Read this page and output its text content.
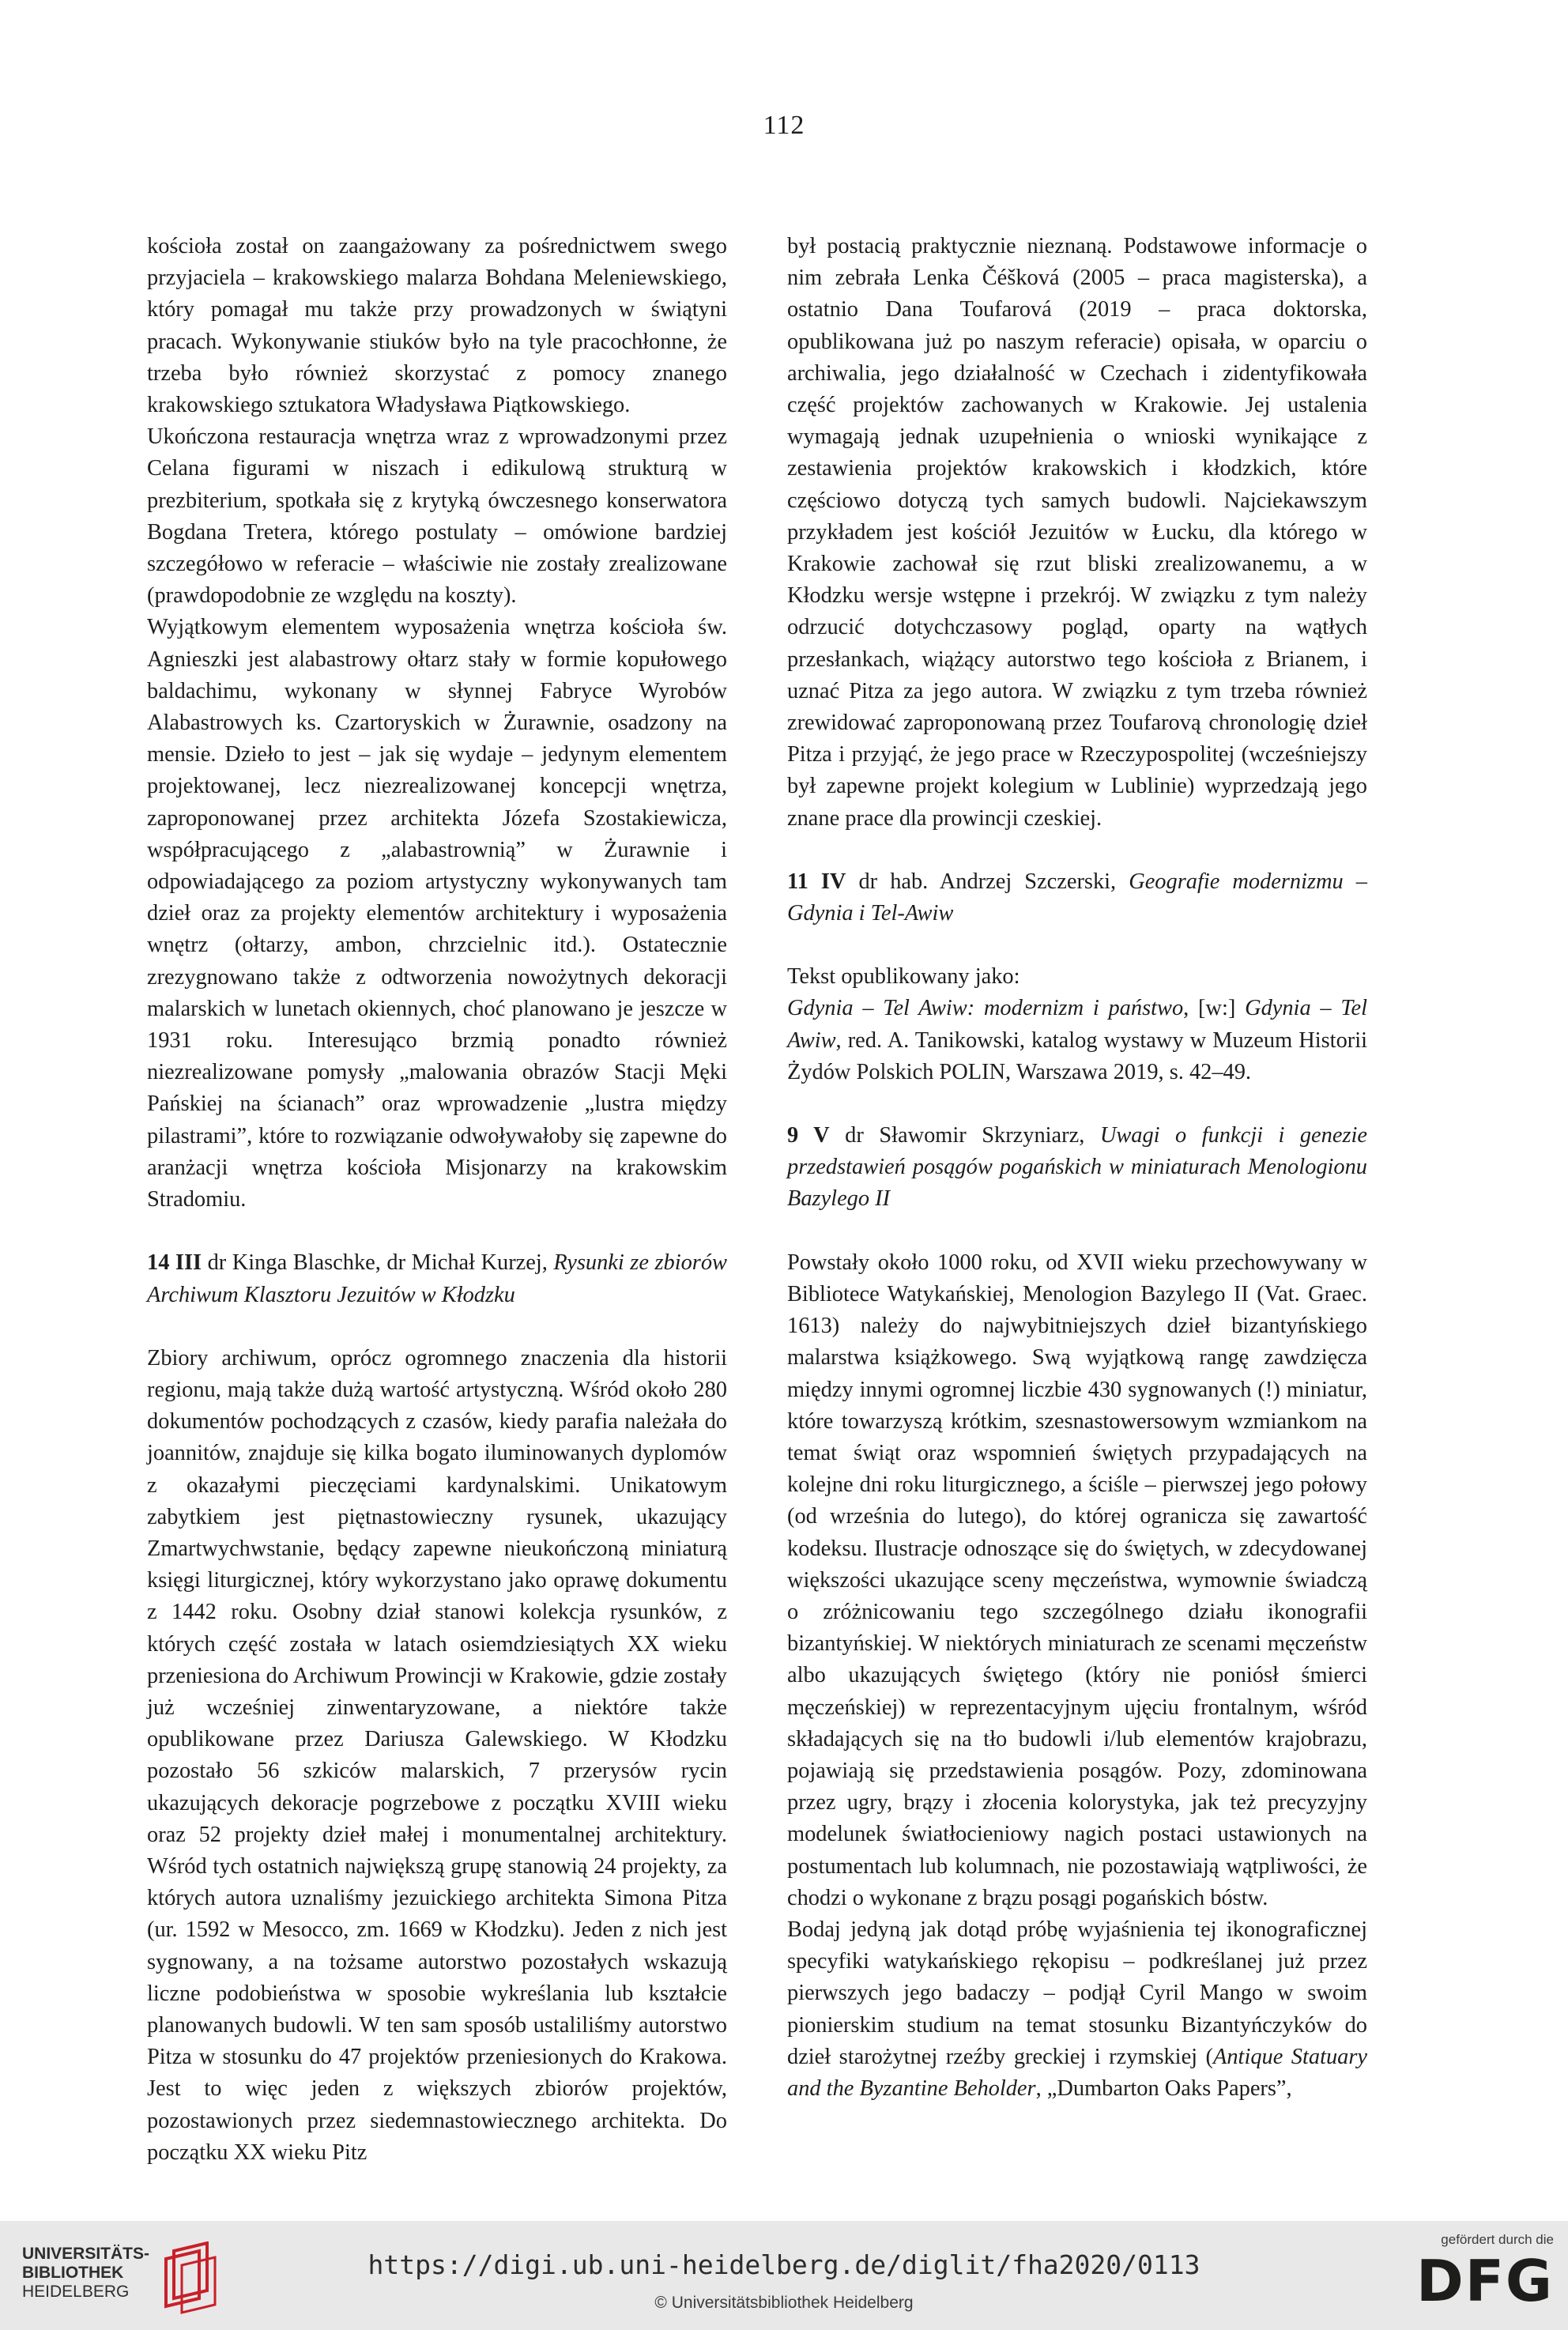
112

kościoła został on zaangażowany za pośrednictwem swego przyjaciela – krakowskiego malarza Bohdana Meleniewskiego, który pomagał mu także przy prowadzonych w świątyni pracach. Wykonywanie stiuków było na tyle pracochłonne, że trzeba było również skorzystać z pomocy znanego krakowskiego sztukatora Władysława Piątkowskiego.

Ukończona restauracja wnętrza wraz z wprowadzonymi przez Celana figurami w niszach i edikulową strukturą w prezbiterium, spotkała się z krytyką ówczesnego konserwatora Bogdana Tretera, którego postulaty – omówione bardziej szczegółowo w referacie – właściwie nie zostały zrealizowane (prawdopodobnie ze względu na koszty).

Wyjątkowym elementem wyposażenia wnętrza kościoła św. Agnieszki jest alabastrowy ołtarz stały w formie kopułowego baldachimu, wykonany w słynnej Fabryce Wyrobów Alabastrowych ks. Czartoryskich w Żurawnie, osadzony na mensie. Dzieło to jest – jak się wydaje – jedynym elementem projektowanej, lecz niezrealizowanej koncepcji wnętrza, zaproponowanej przez architekta Józefa Szostakiewicza, współpracującego z „alabastrownią” w Żurawnie i odpowiadającego za poziom artystyczny wykonywanych tam dzieł oraz za projekty elementów architektury i wyposażenia wnętrz (ołtarzy, ambon, chrzcielnic itd.). Ostatecznie zrezygnowano także z odtworzenia nowożytnych dekoracji malarskich w lunetach okiennych, choć planowano je jeszcze w 1931 roku. Interesująco brzmią ponadto również niezrealizowane pomysły „malowania obrazów Stacji Męki Pańskiej na ścianach” oraz wprowadzenie „lustra między pilastrami”, które to rozwiązanie odwoływałoby się zapewne do aranżacji wnętrza kościoła Misjonarzy na krakowskim Stradomiu.

14 III dr Kinga Blaschke, dr Michał Kurzej, Rysunki ze zbiorów Archiwum Klasztoru Jezuitów w Kłodzku

Zbiory archiwum, oprócz ogromnego znaczenia dla historii regionu, mają także dużą wartość artystyczną. Wśród około 280 dokumentów pochodzących z czasów, kiedy parafia należała do joannitów, znajduje się kilka bogato iluminowanych dyplomów z okazałymi pieczęciami kardynalskimi. Unikatowym zabytkiem jest piętnastowieczny rysunek, ukazujący Zmartwychwstanie, będący zapewne nieukończoną miniaturą księgi liturgicznej, który wykorzystano jako oprawę dokumentu z 1442 roku. Osobny dział stanowi kolekcja rysunków, z których część została w latach osiemdziesiątych XX wieku przeniesiona do Archiwum Prowincji w Krakowie, gdzie zostały już wcześniej zinwentaryzowane, a niektóre także opublikowane przez Dariusza Galewskiego. W Kłodzku pozostało 56 szkiców malarskich, 7 przerysów rycin ukazujących dekoracje pogrzebowe z początku XVIII wieku oraz 52 projekty dzieł małej i monumentalnej architektury. Wśród tych ostatnich największą grupę stanowią 24 projekty, za których autora uznaliśmy jezuickiego architekta Simona Pitza (ur. 1592 w Mesocco, zm. 1669 w Kłodzku). Jeden z nich jest sygnowany, a na tożsame autorstwo pozostałych wskazują liczne podobieństwa w sposobie wykreślania lub kształcie planowanych budowli. W ten sam sposób ustaliliśmy autorstwo Pitza w stosunku do 47 projektów przeniesionych do Krakowa. Jest to więc jeden z większych zbiorów projektów, pozostawionych przez siedemnastowiecznego architekta. Do początku XX wieku Pitz

był postacią praktycznie nieznaną. Podstawowe informacje o nim zebrała Lenka Čéšková (2005 – praca magisterska), a ostatnio Dana Toufarová (2019 – praca doktorska, opublikowana już po naszym referacie) opisała, w oparciu o archiwalia, jego działalność w Czechach i zidentyfikowała część projektów zachowanych w Krakowie. Jej ustalenia wymagają jednak uzupełnienia o wnioski wynikające z zestawienia projektów krakowskich i kłodzkich, które częściowo dotyczą tych samych budowli. Najciekawszym przykładem jest kościół Jezuitów w Łucku, dla którego w Krakowie zachował się rzut bliski zrealizowanemu, a w Kłodzku wersje wstępne i przekrój. W związku z tym należy odrzucić dotychczasowy pogląd, oparty na wątłych przesłankach, wiążący autorstwo tego kościoła z Brianem, i uznać Pitza za jego autora. W związku z tym trzeba również zrewidować zaproponowaną przez Toufarovą chronologię dzieł Pitza i przyjąć, że jego prace w Rzeczypospolitej (wcześniejszy był zapewne projekt kolegium w Lublinie) wyprzedzają jego znane prace dla prowincji czeskiej.

11 IV dr hab. Andrzej Szczerski, Geografie modernizmu – Gdynia i Tel-Awiw

Tekst opublikowany jako:

Gdynia – Tel Awiw: modernizm i państwo, [w:] Gdynia – Tel Awiw, red. A. Tanikowski, katalog wystawy w Muzeum Historii Żydów Polskich POLIN, Warszawa 2019, s. 42–49.

9 V dr Sławomir Skrzyniarz, Uwagi o funkcji i genezie przedstawień posągów pogańskich w miniaturach Menologionu Bazylego II

Powstały około 1000 roku, od XVII wieku przechowywany w Bibliotece Watykańskiej, Menologion Bazylego II (Vat. Graec. 1613) należy do najwybitniejszych dzieł bizantyńskiego malarstwa książkowego. Swą wyjątkową rangę zawdzięcza między innymi ogromnej liczbie 430 sygnowanych (!) miniatur, które towarzyszą krótkim, szesnastowersowym wzmiankom na temat świąt oraz wspomnień świętych przypadających na kolejne dni roku liturgicznego, a ściśle – pierwszej jego połowy (od września do lutego), do której ogranicza się zawartość kodeksu. Ilustracje odnoszące się do świętych, w zdecydowanej większości ukazujące sceny męczeństwa, wymownie świadczą o zróżnicowaniu tego szczególnego działu ikonografii bizantyńskiej. W niektórych miniaturach ze scenami męczeństw albo ukazujących świętego (który nie poniósł śmierci męczeńskiej) w reprezentacyjnym ujęciu frontalnym, wśród składających się na tło budowli i/lub elementów krajobrazu, pojawiają się przedstawienia posągów. Pozy, zdominowana przez ugry, brązy i złocenia kolorystyka, jak też precyzyjny modelunek światłocieniowy nagich postaci ustawionych na postumentach lub kolumnach, nie pozostawiają wątpliwości, że chodzi o wykonane z brązu posągi pogańskich bóstw.

Bodaj jedyną jak dotąd próbę wyjaśnienia tej ikonograficznej specyfiki watykańskiego rękopisu – podkreślanej już przez pierwszych jego badaczy – podjął Cyril Mango w swoim pionierskim studium na temat stosunku Bizantyńczyków do dzieł starożytnej rzeźby greckiej i rzymskiej (Antique Statuary and the Byzantine Beholder, „Dumbarton Oaks Papers”,

UNIVERSITÄTS-
BIBLIOTHEK
HEIDELBERG
https://digi.ub.uni-heidelberg.de/diglit/fha2020/0113
© Universitätsbibliothek Heidelberg
gefördert durch die
DFG
